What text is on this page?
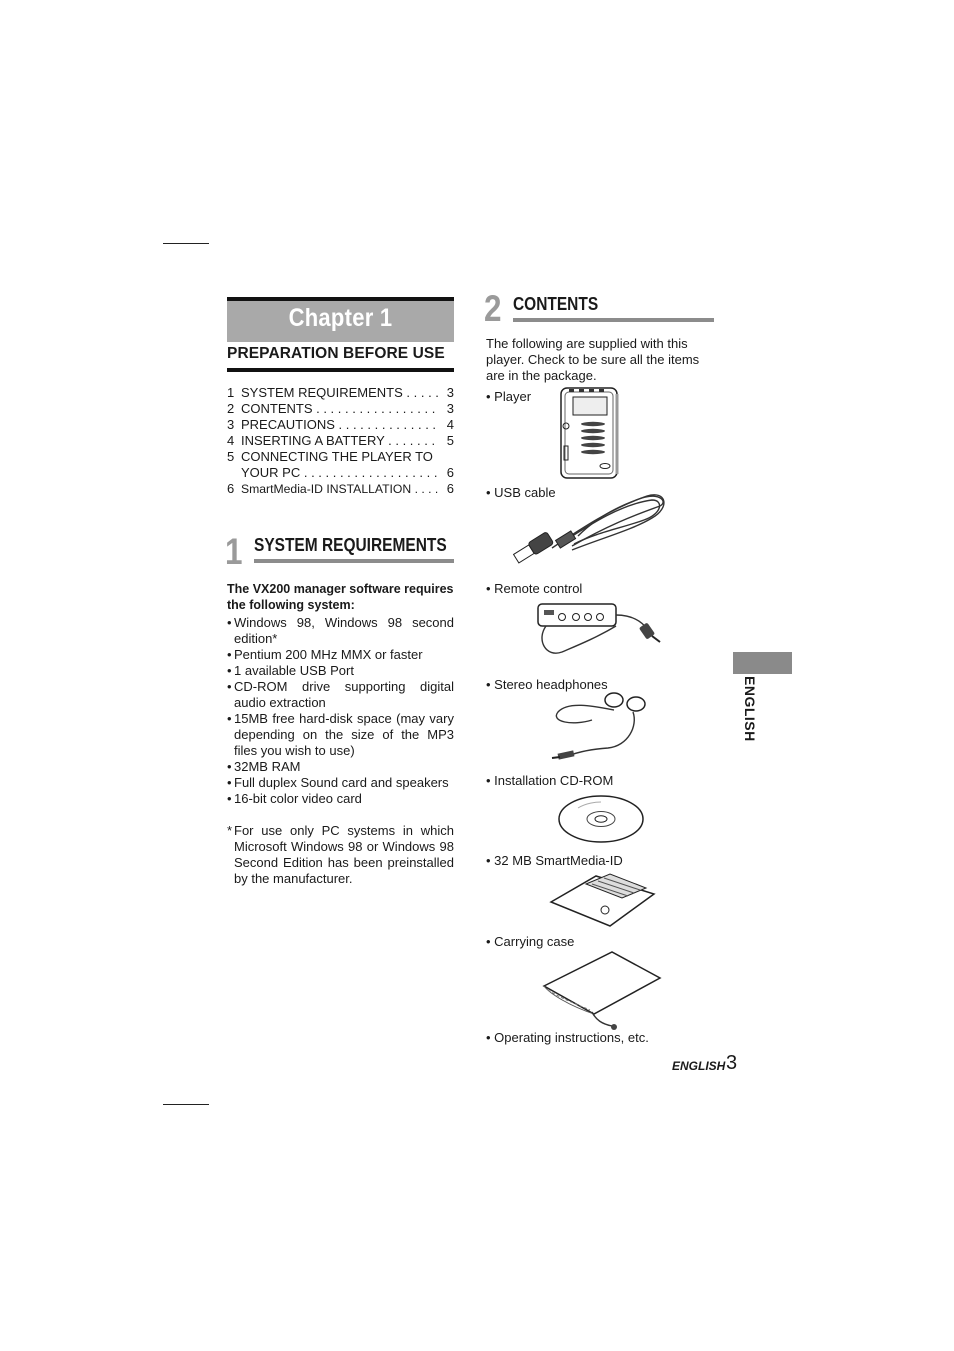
Chapter 1
PREPARATION BEFORE USE
1 SYSTEM REQUIREMENTS . . . . . 3
2 CONTENTS . . . . . . . . . . . . . . . . . 3
3 PRECAUTIONS . . . . . . . . . . . . . . 4
4 INSERTING A BATTERY . . . . . . . 5
5 CONNECTING THE PLAYER TO
YOUR PC . . . . . . . . . . . . . . . . . . . 6
6 SmartMedia-ID INSTALLATION . . . . 6
1 SYSTEM REQUIREMENTS
The VX200 manager software requires the following system:
• Windows 98, Windows 98 second edition*
• Pentium 200 MHz MMX or faster
• 1 available USB Port
• CD-ROM drive supporting digital audio extraction
• 15MB free hard-disk space (may vary depending on the size of the MP3 files you wish to use)
• 32MB RAM
• Full duplex Sound card and speakers
• 16-bit color video card
* For use only PC systems in which Microsoft Windows 98 or Windows 98 Second Edition has been preinstalled by the manufacturer.
2 CONTENTS
The following are supplied with this player. Check to be sure all the items are in the package.
• Player
• USB cable
• Remote control
• Stereo headphones
• Installation CD-ROM
• 32 MB SmartMedia-ID
• Carrying case
• Operating instructions, etc.
ENGLISH
ENGLISH 3
